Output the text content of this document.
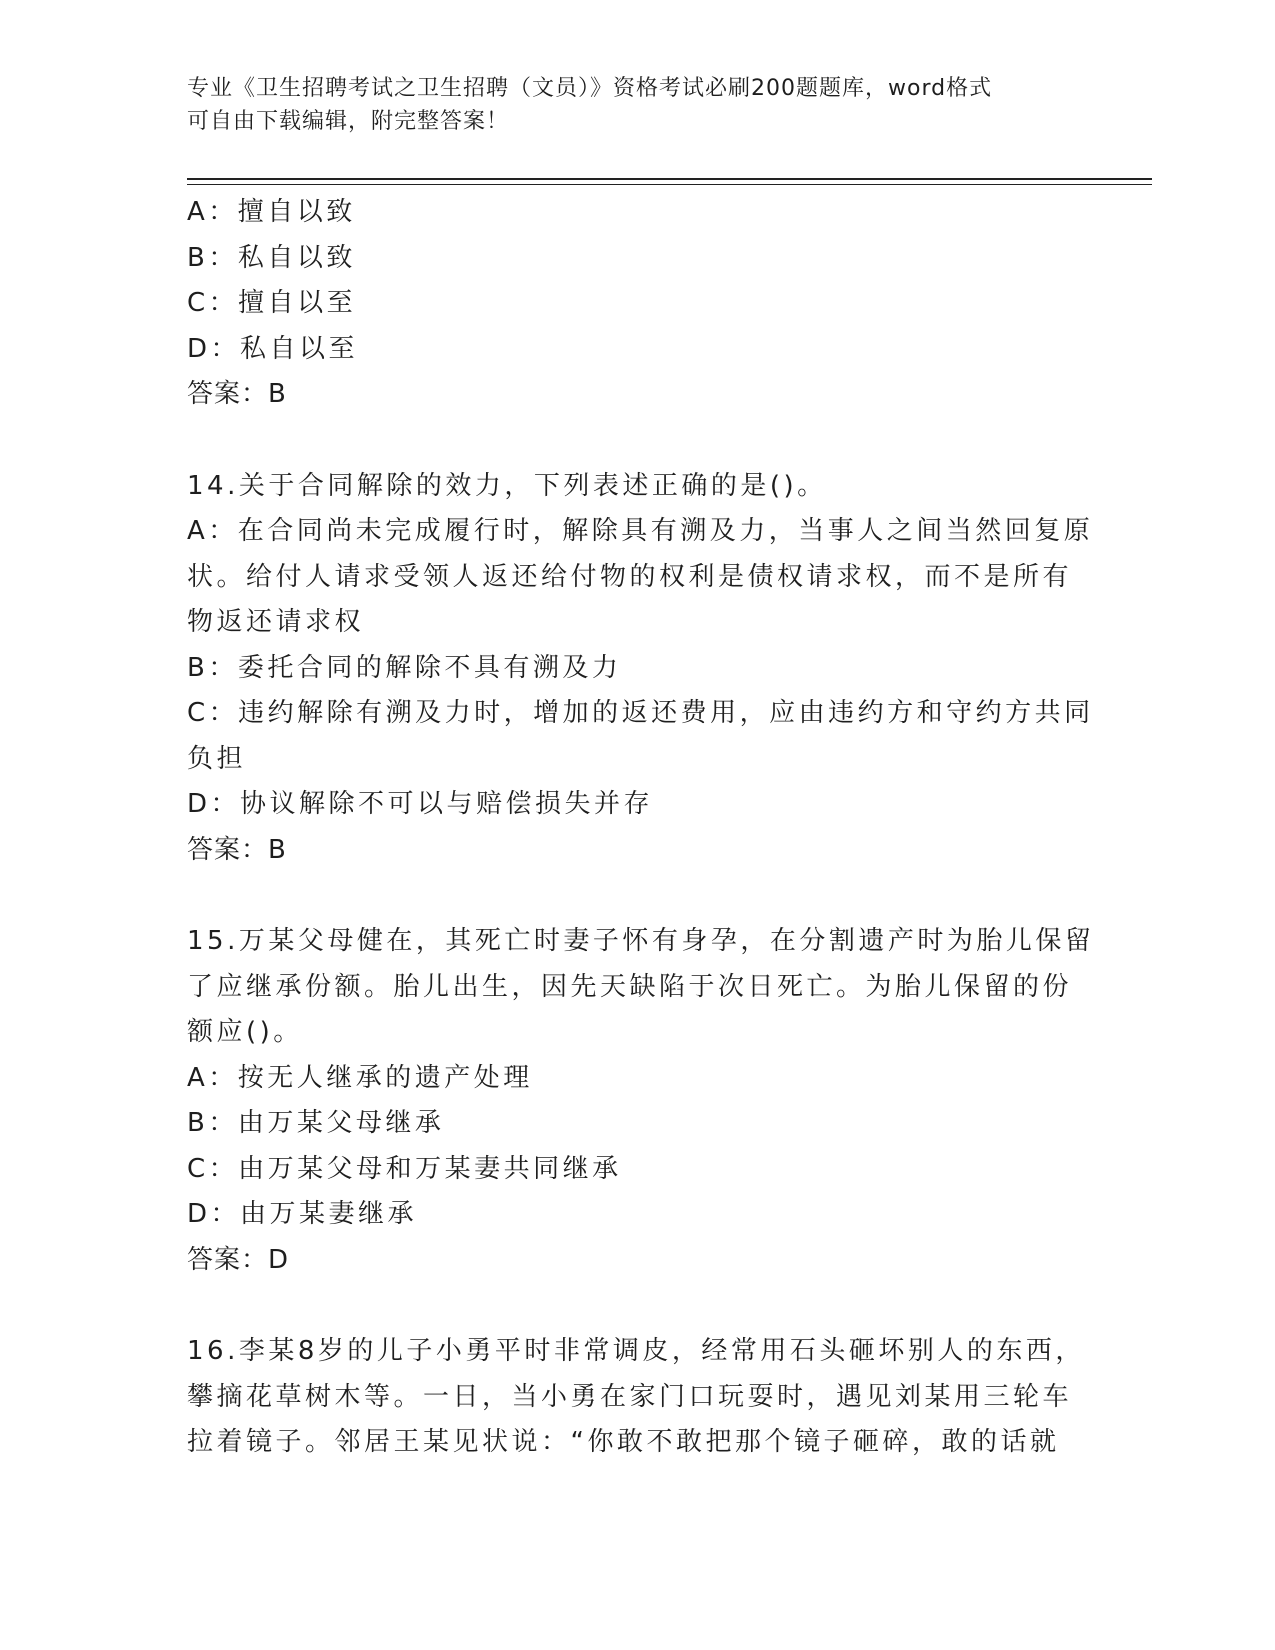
专业《卫生招聘考试之卫生招聘（文员）》资格考试必刷200题题库，word格式
可自由下载编辑，附完整答案！
A：擅自以致
B：私自以致
C：擅自以至
D：私自以至
答案：B
14.关于合同解除的效力，下列表述正确的是()。
A：在合同尚未完成履行时，解除具有溯及力，当事人之间当然回复原
状。给付人请求受领人返还给付物的权利是债权请求权，而不是所有
物返还请求权
B：委托合同的解除不具有溯及力
C：违约解除有溯及力时，增加的返还费用，应由违约方和守约方共同
负担
D：协议解除不可以与赔偿损失并存
答案：B
15.万某父母健在，其死亡时妻子怀有身孕，在分割遗产时为胎儿保留
了应继承份额。胎儿出生，因先天缺陷于次日死亡。为胎儿保留的份
额应()。
A：按无人继承的遗产处理
B：由万某父母继承
C：由万某父母和万某妻共同继承
D：由万某妻继承
答案：D
16.李某8岁的儿子小勇平时非常调皮，经常用石头砸坏别人的东西，
攀摘花草树木等。一日，当小勇在家门口玩耍时，遇见刘某用三轮车
拉着镜子。邻居王某见状说：“你敢不敢把那个镜子砸碎，敢的话就
